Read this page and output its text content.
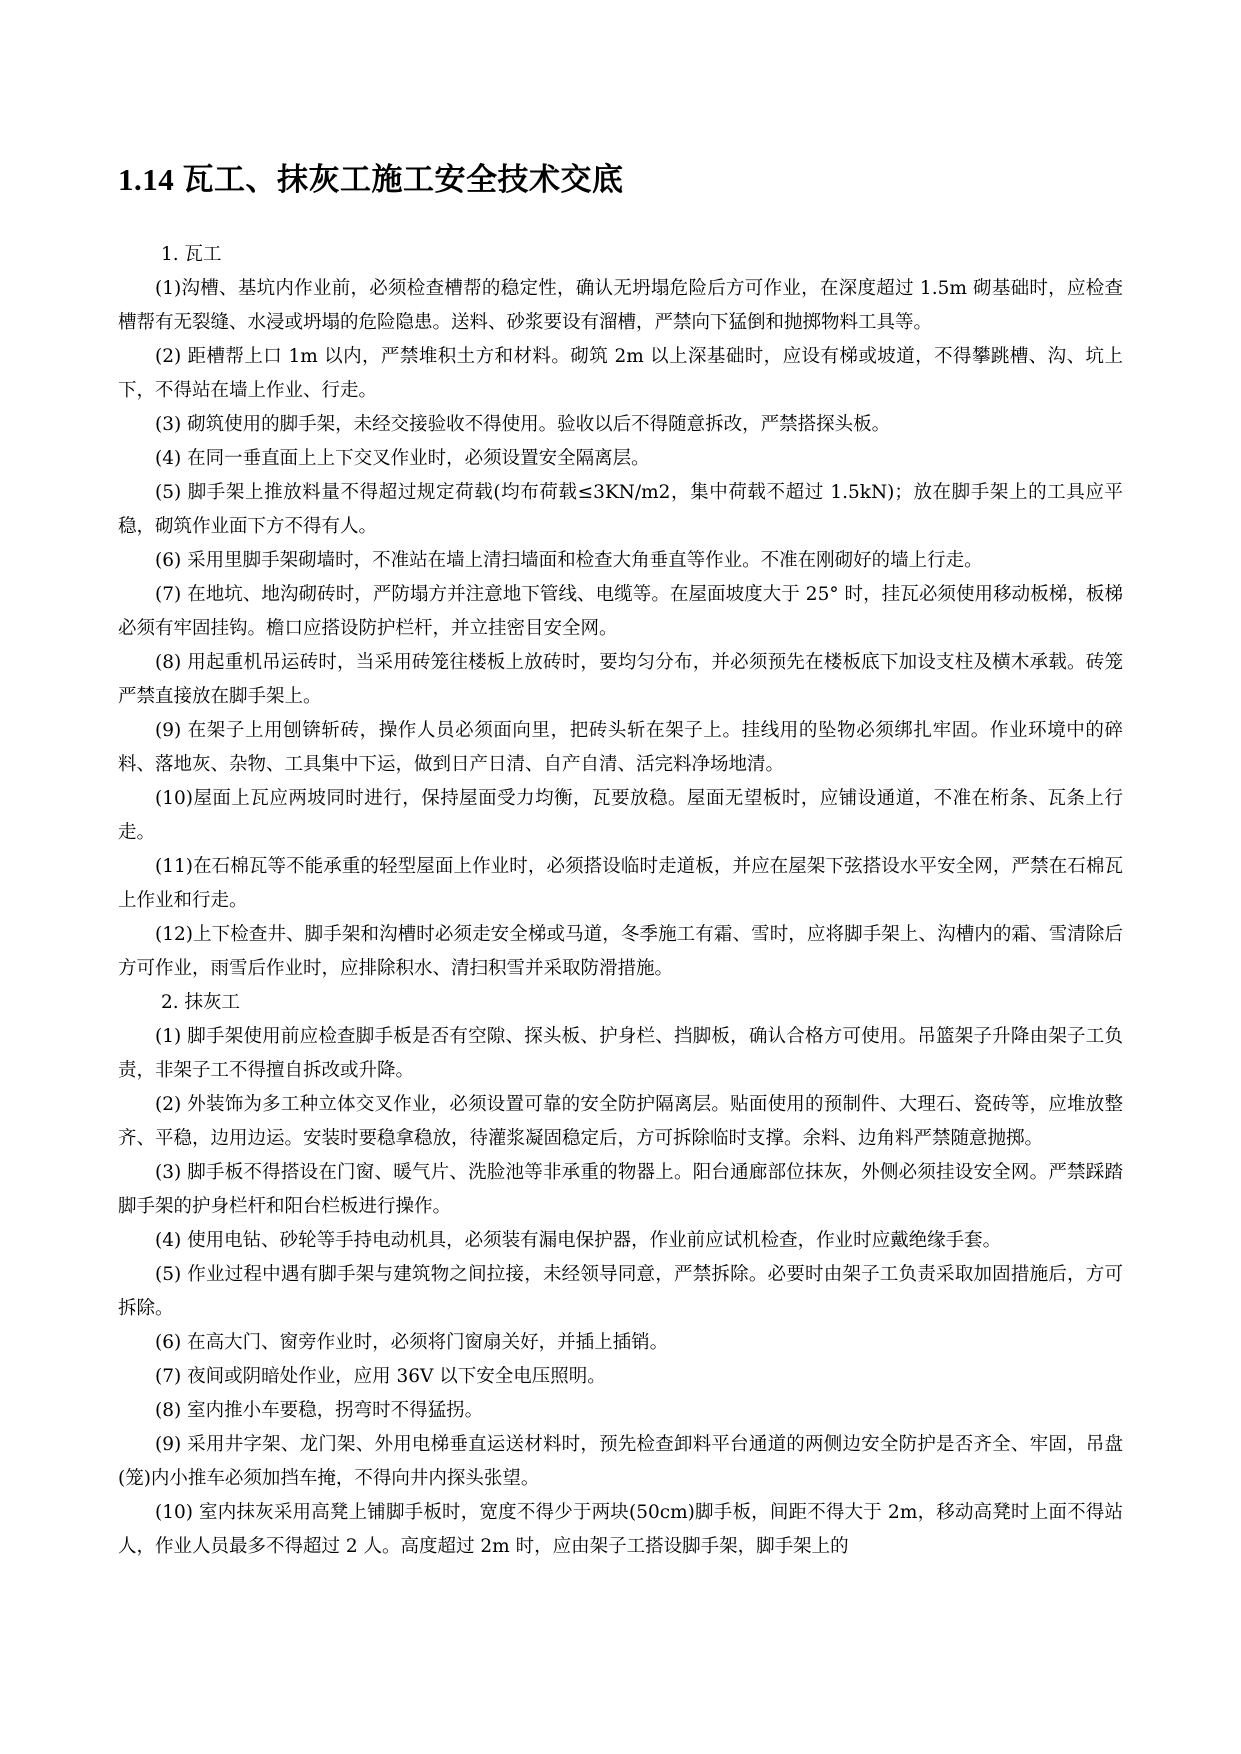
1.14 瓦工、抹灰工施工安全技术交底

1. 瓦工

(1)沟槽、基坑内作业前，必须检查槽帮的稳定性，确认无坍塌危险后方可作业，在深度超过 1.5m 砌基础时，应检查槽帮有无裂缝、水浸或坍塌的危险隐患。送料、砂浆要设有溜槽，严禁向下猛倒和抛掷物料工具等。

(2) 距槽帮上口 1m 以内，严禁堆积土方和材料。砌筑 2m 以上深基础时，应设有梯或坡道，不得攀跳槽、沟、坑上下，不得站在墙上作业、行走。

(3) 砌筑使用的脚手架，未经交接验收不得使用。验收以后不得随意拆改，严禁搭探头板。

(4) 在同一垂直面上上下交叉作业时，必须设置安全隔离层。

(5) 脚手架上推放料量不得超过规定荷载(均布荷载≤3KN/m2，集中荷载不超过 1.5kN)；放在脚手架上的工具应平稳，砌筑作业面下方不得有人。

(6) 采用里脚手架砌墙时，不准站在墙上清扫墙面和检查大角垂直等作业。不准在刚砌好的墙上行走。

(7) 在地坑、地沟砌砖时，严防塌方并注意地下管线、电缆等。在屋面坡度大于 25° 时，挂瓦必须使用移动板梯，板梯必须有牢固挂钩。檐口应搭设防护栏杆，并立挂密目安全网。

(8) 用起重机吊运砖时，当采用砖笼往楼板上放砖时，要均匀分布，并必须预先在楼板底下加设支柱及横木承载。砖笼严禁直接放在脚手架上。

(9) 在架子上用刨锛斩砖，操作人员必须面向里，把砖头斩在架子上。挂线用的坠物必须绑扎牢固。作业环境中的碎料、落地灰、杂物、工具集中下运，做到日产日清、自产自清、活完料净场地清。

(10)屋面上瓦应两坡同时进行，保持屋面受力均衡，瓦要放稳。屋面无望板时，应铺设通道，不准在桁条、瓦条上行走。

(11)在石棉瓦等不能承重的轻型屋面上作业时，必须搭设临时走道板，并应在屋架下弦搭设水平安全网，严禁在石棉瓦上作业和行走。

(12)上下检查井、脚手架和沟槽时必须走安全梯或马道，冬季施工有霜、雪时，应将脚手架上、沟槽内的霜、雪清除后方可作业，雨雪后作业时，应排除积水、清扫积雪并采取防滑措施。

2. 抹灰工

(1) 脚手架使用前应检查脚手板是否有空隙、探头板、护身栏、挡脚板，确认合格方可使用。吊篮架子升降由架子工负责，非架子工不得擅自拆改或升降。

(2) 外装饰为多工种立体交叉作业，必须设置可靠的安全防护隔离层。贴面使用的预制件、大理石、瓷砖等，应堆放整齐、平稳，边用边运。安装时要稳拿稳放，待灌浆凝固稳定后，方可拆除临时支撑。余料、边角料严禁随意抛掷。

(3) 脚手板不得搭设在门窗、暖气片、洗脸池等非承重的物器上。阳台通廊部位抹灰，外侧必须挂设安全网。严禁踩踏脚手架的护身栏杆和阳台栏板进行操作。

(4) 使用电钻、砂轮等手持电动机具，必须装有漏电保护器，作业前应试机检查，作业时应戴绝缘手套。

(5) 作业过程中遇有脚手架与建筑物之间拉接，未经领导同意，严禁拆除。必要时由架子工负责采取加固措施后，方可拆除。

(6) 在高大门、窗旁作业时，必须将门窗扇关好，并插上插销。

(7) 夜间或阴暗处作业，应用 36V 以下安全电压照明。

(8) 室内推小车要稳，拐弯时不得猛拐。

(9) 采用井字架、龙门架、外用电梯垂直运送材料时，预先检查卸料平台通道的两侧边安全防护是否齐全、牢固，吊盘(笼)内小推车必须加挡车掩，不得向井内探头张望。

(10) 室内抹灰采用高凳上铺脚手板时，宽度不得少于两块(50cm)脚手板，间距不得大于 2m，移动高凳时上面不得站人，作业人员最多不得超过 2 人。高度超过 2m 时，应由架子工搭设脚手架，脚手架上的
